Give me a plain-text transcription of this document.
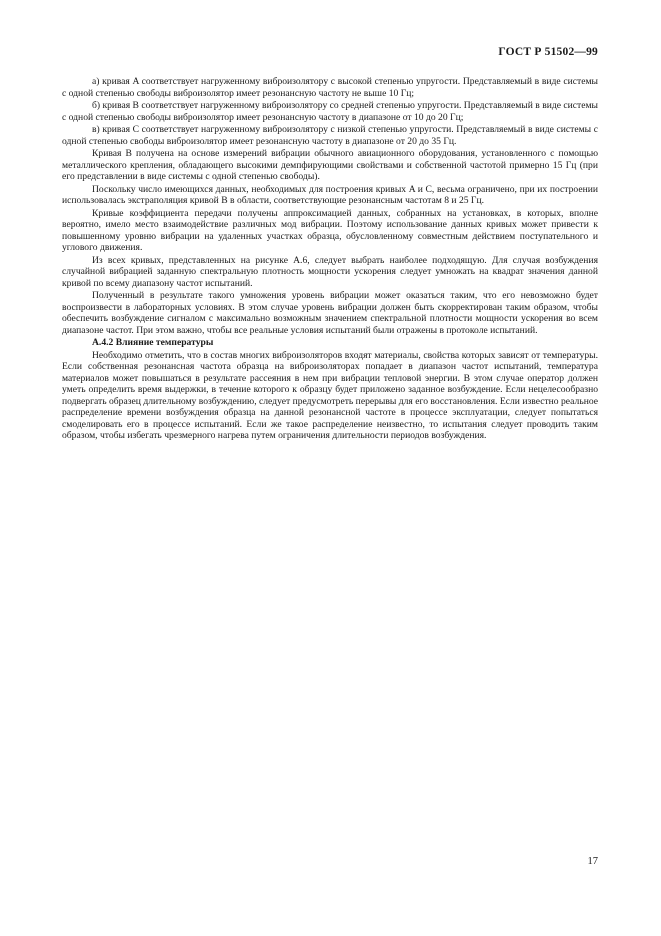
ГОСТ Р 51502—99

а) кривая A соответствует нагруженному виброизолятору с высокой степенью упругости. Представляемый в виде системы с одной степенью свободы виброизолятор имеет резонансную частоту не выше 10 Гц;

б) кривая B соответствует нагруженному виброизолятору со средней степенью упругости. Представляемый в виде системы с одной степенью свободы виброизолятор имеет резонансную частоту в диапазоне от 10 до 20 Гц;

в) кривая C соответствует нагруженному виброизолятору с низкой степенью упругости. Представляемый в виде системы с одной степенью свободы виброизолятор имеет резонансную частоту в диапазоне от 20 до 35 Гц.

Кривая B получена на основе измерений вибрации обычного авиационного оборудования, установленного с помощью металлического крепления, обладающего высокими демпфирующими свойствами и собственной частотой примерно 15 Гц (при его представлении в виде системы с одной степенью свободы).

Поскольку число имеющихся данных, необходимых для построения кривых A и C, весьма ограничено, при их построении использовалась экстраполяция кривой B в области, соответствующие резонансным частотам 8 и 25 Гц.

Кривые коэффициента передачи получены аппроксимацией данных, собранных на установках, в которых, вполне вероятно, имело место взаимодействие различных мод вибрации. Поэтому использование данных кривых может привести к повышенному уровню вибрации на удаленных участках образца, обусловленному совместным действием поступательного и углового движения.

Из всех кривых, представленных на рисунке А.6, следует выбрать наиболее подходящую. Для случая возбуждения случайной вибрацией заданную спектральную плотность мощности ускорения следует умножать на квадрат значения данной кривой по всему диапазону частот испытаний.

Полученный в результате такого умножения уровень вибрации может оказаться таким, что его невозможно будет воспроизвести в лабораторных условиях. В этом случае уровень вибрации должен быть скорректирован таким образом, чтобы обеспечить возбуждение сигналом с максимально возможным значением спектральной плотности мощности ускорения во всем диапазоне частот. При этом важно, чтобы все реальные условия испытаний были отражены в протоколе испытаний.

А.4.2 Влияние температуры

Необходимо отметить, что в состав многих виброизоляторов входят материалы, свойства которых зависят от температуры. Если собственная резонансная частота образца на виброизоляторах попадает в диапазон частот испытаний, температура материалов может повышаться в результате рассеяния в нем при вибрации тепловой энергии. В этом случае оператор должен уметь определить время выдержки, в течение которого к образцу будет приложено заданное возбуждение. Если нецелесообразно подвергать образец длительному возбуждению, следует предусмотреть перерывы для его восстановления. Если известно реальное распределение времени возбуждения образца на данной резонансной частоте в процессе эксплуатации, следует попытаться смоделировать его в процессе испытаний. Если же такое распределение неизвестно, то испытания следует проводить таким образом, чтобы избегать чрезмерного нагрева путем ограничения длительности периодов возбуждения.

17
